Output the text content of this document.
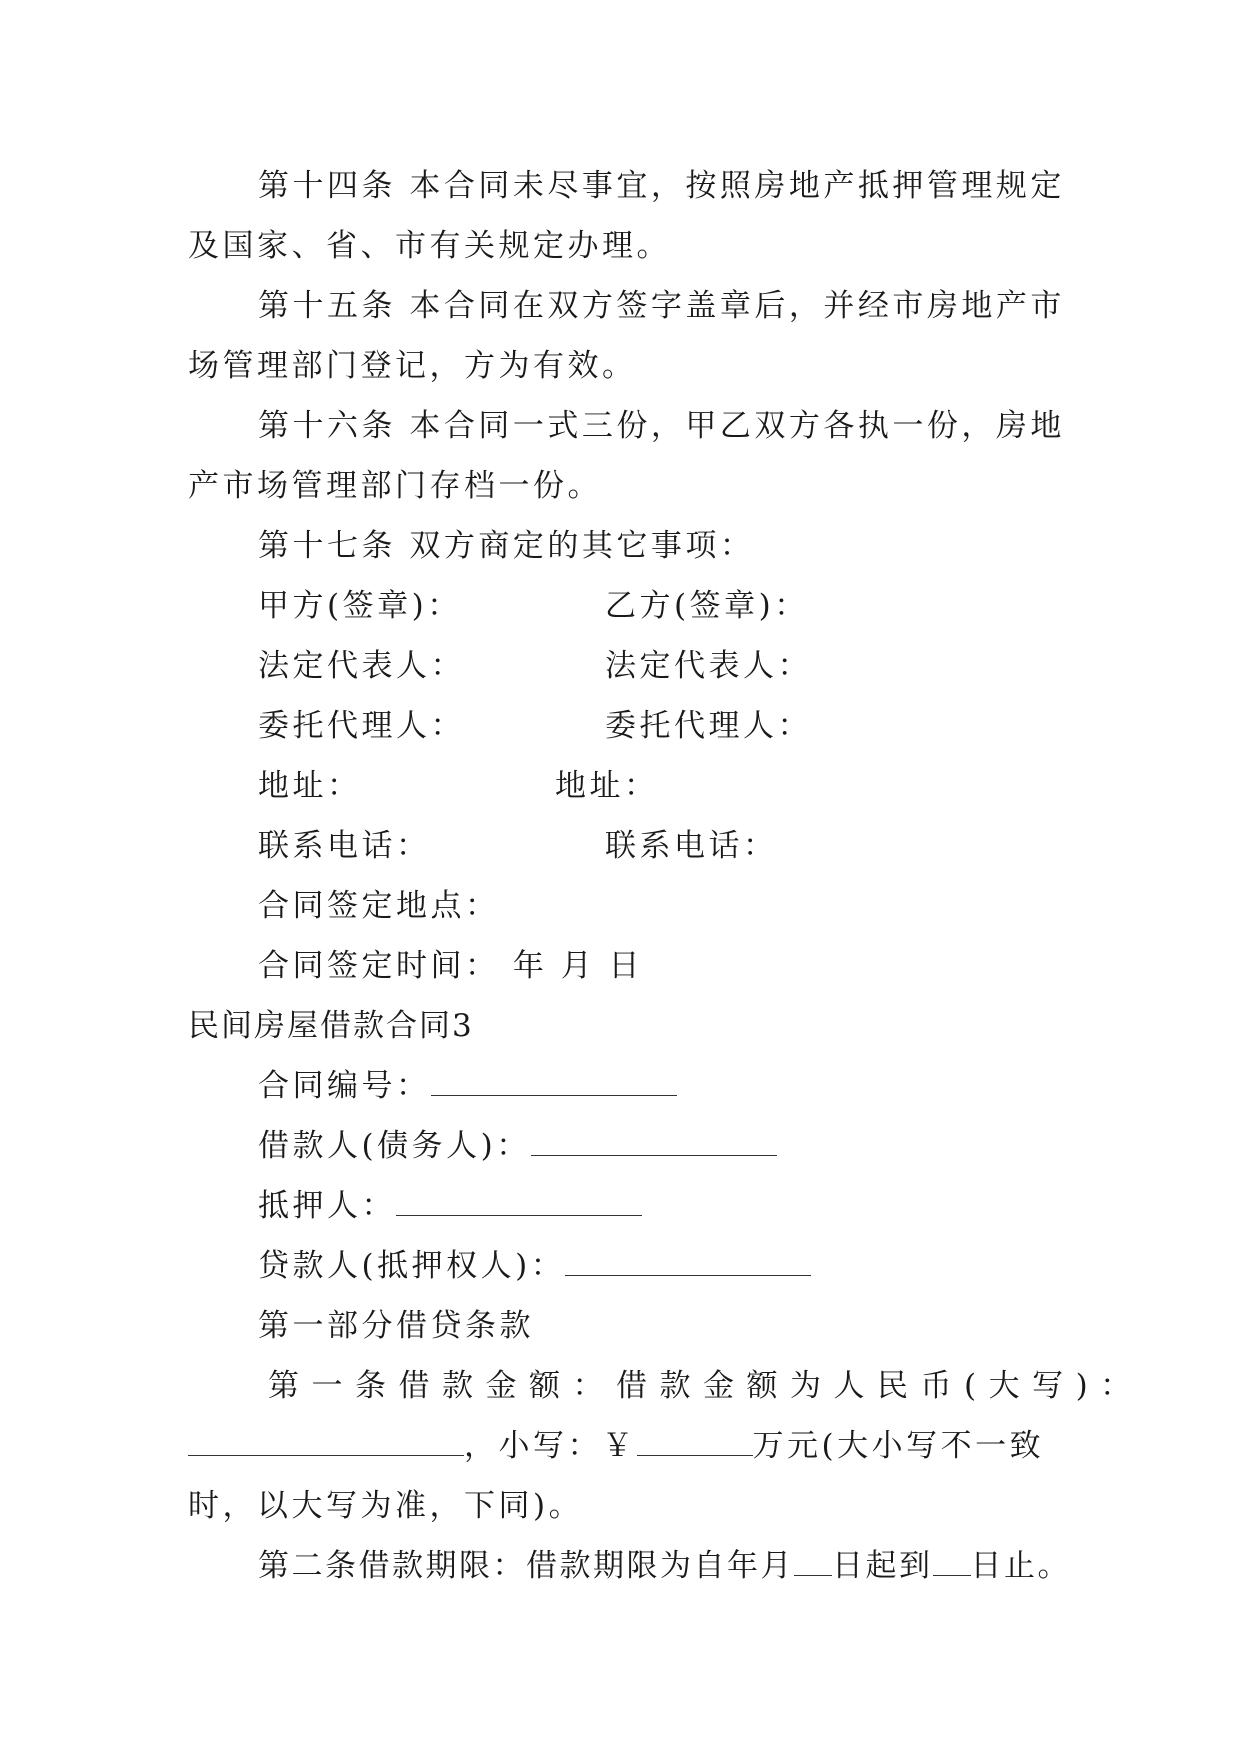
第十四条 本合同未尽事宜，按照房地产抵押管理规定
及国家、省、市有关规定办理。
第十五条 本合同在双方签字盖章后，并经市房地产市
场管理部门登记，方为有效。
第十六条 本合同一式三份，甲乙双方各执一份，房地
产市场管理部门存档一份。
第十七条 双方商定的其它事项：
甲方(签章)：	乙方(签章)：
法定代表人：	法定代表人：
委托代理人：	委托代理人：
地址：	地址：
联系电话：	联系电话：
合同签定地点：
合同签定时间： 年 月 日
民间房屋借款合同3
合同编号：
借款人(债务人)：
抵押人：
贷款人(抵押权人)：
第一部分借贷条款
第一条借款金额：借款金额为人民币(大写)：
，小写：￥	万元(大小写不一致
时，以大写为准，下同)。
第二条借款期限：借款期限为自年月 日起到 日止。
